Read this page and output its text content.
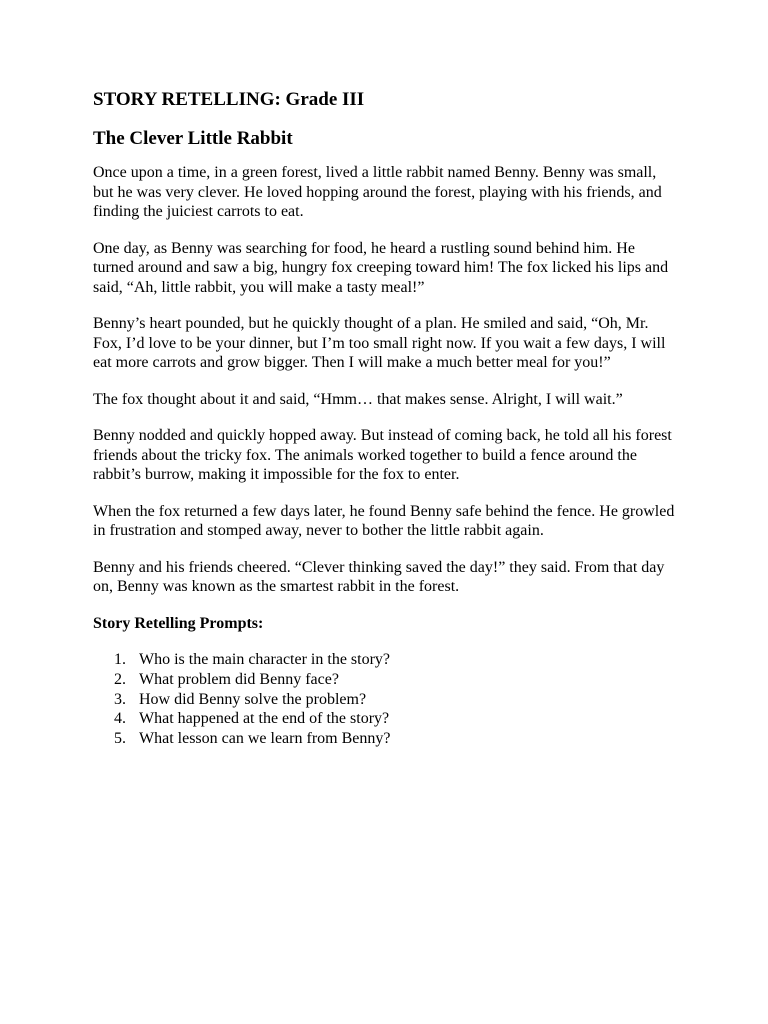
STORY RETELLING: Grade III
The Clever Little Rabbit

Once upon a time, in a green forest, lived a little rabbit named Benny. Benny was small, but he was very clever. He loved hopping around the forest, playing with his friends, and finding the juiciest carrots to eat.

One day, as Benny was searching for food, he heard a rustling sound behind him. He turned around and saw a big, hungry fox creeping toward him! The fox licked his lips and said, “Ah, little rabbit, you will make a tasty meal!”

Benny’s heart pounded, but he quickly thought of a plan. He smiled and said, “Oh, Mr. Fox, I’d love to be your dinner, but I’m too small right now. If you wait a few days, I will eat more carrots and grow bigger. Then I will make a much better meal for you!”

The fox thought about it and said, “Hmm… that makes sense. Alright, I will wait.”

Benny nodded and quickly hopped away. But instead of coming back, he told all his forest friends about the tricky fox. The animals worked together to build a fence around the rabbit’s burrow, making it impossible for the fox to enter.

When the fox returned a few days later, he found Benny safe behind the fence. He growled in frustration and stomped away, never to bother the little rabbit again.

Benny and his friends cheered. “Clever thinking saved the day!” they said. From that day on, Benny was known as the smartest rabbit in the forest.

Story Retelling Prompts:
1. Who is the main character in the story?
2. What problem did Benny face?
3. How did Benny solve the problem?
4. What happened at the end of the story?
5. What lesson can we learn from Benny?
